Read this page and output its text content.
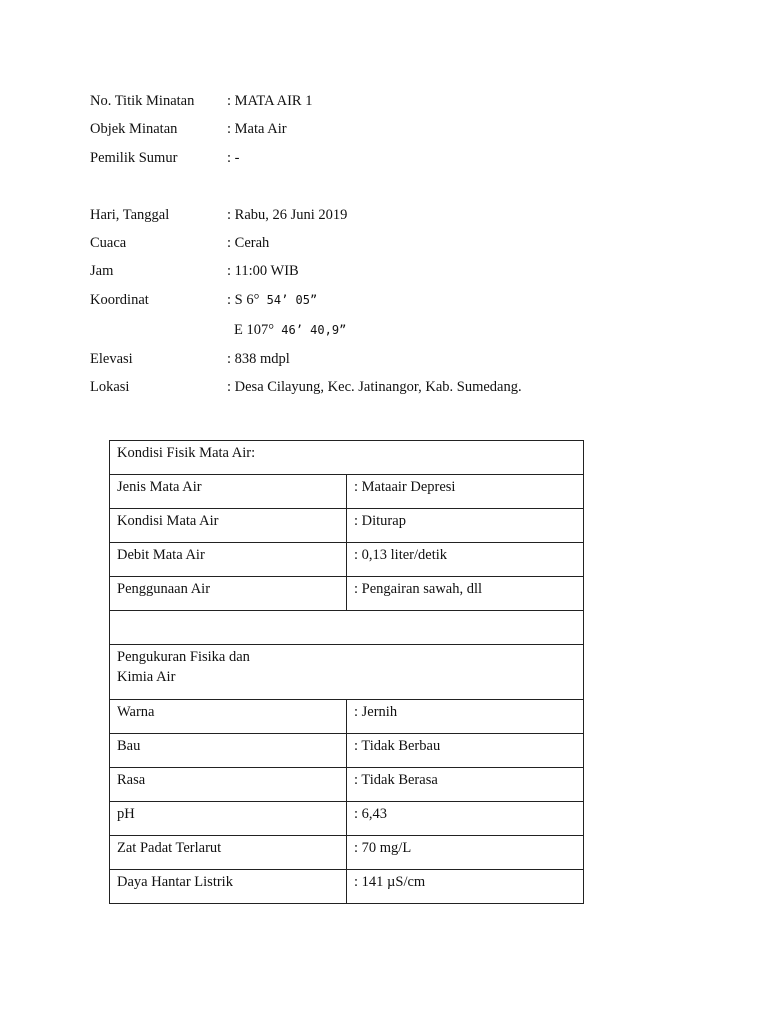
No. Titik Minatan : MATA AIR 1
Objek Minatan	: Mata Air
Pemilik Sumur	: -
Hari, Tanggal	: Rabu, 26 Juni 2019
Cuaca	: Cerah
Jam	: 11:00 WIB
Koordinat	: S 6° 54’ 05”
E 107° 46’ 40,9”
Elevasi	: 838 mdpl
Lokasi	: Desa Cilayung, Kec. Jatinangor, Kab. Sumedang.
Kondisi Fisik Mata Air:	
Jenis Mata Air	: Mataair Depresi
Kondisi Mata Air	: Diturap
Debit Mata Air	: 0,13 liter/detik
Penggunaan Air	: Pengairan sawah, dll

Pengukuran Fisika dan
Kimia Air	
Warna	: Jernih
Bau	: Tidak Berbau
Rasa	: Tidak Berasa
pH	: 6,43
Zat Padat Terlarut	: 70 mg/L
Daya Hantar Listrik	: 141 µS/cm
